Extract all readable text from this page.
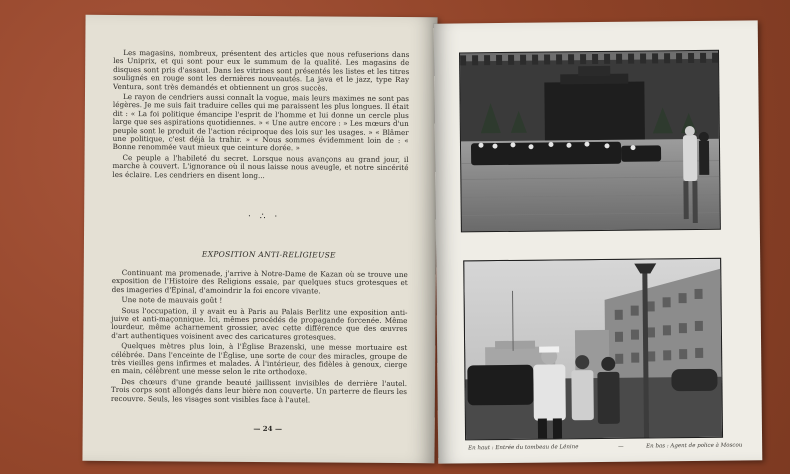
Les magasins, nombreux, présentent des articles que nous refuserions dans les Uniprix, et qui sont pour eux le summum de la qualité. Les magasins de disques sont pris d'assaut. Dans les vitrines sont présentés les listes et les titres soulignés en rouge sont les dernières nouveautés. La java et le jazz, type Ray Ventura, sont très demandés et obtiennent un gros succès.

Le rayon de cendriers aussi connaît la vogue, mais leurs maximes ne sont pas légères. Je me suis fait traduire celles qui me paraissent les plus longues. Il était dit : « La foi politique émancipe l'esprit de l'homme et lui donne un cercle plus large que ses aspirations quotidiennes. » « Une autre encore : » Les mœurs d'un peuple sont le produit de l'action réciproque des lois sur les usages. » « Blâmer une politique, c'est déjà la trahir. » « Nous sommes évidemment loin de : « Bonne renommée vaut mieux que ceinture dorée. »

Ce peuple a l'habileté du secret. Lorsque nous avançons au grand jour, il marche à couvert. L'ignorance où il nous laisse nous aveugle, et notre sincérité les éclaire. Les cendriers en disent long...

· ∴ ·
EXPOSITION ANTI-RELIGIEUSE

Continuant ma promenade, j'arrive à Notre-Dame de Kazan où se trouve une exposition de l'Histoire des Religions essaie, par quelques stucs grotesques et des imageries d'Épinal, d'amoindrir la foi encore vivante.

Une note de mauvais goût !

Sous l'occupation, il y avait eu à Paris au Palais Berlitz une exposition anti-juive et anti-maçonnique. Ici, mêmes procédés de propagande forcenée. Même lourdeur, même acharnement grossier, avec cette différence que des œuvres d'art authentiques voisinent avec des caricatures grotesques.

Quelques mètres plus loin, à l'Église Brazenski, une messe mortuaire est célébrée. Dans l'enceinte de l'Église, une sorte de cour des miracles, groupe de très vieilles gens infirmes et malades. À l'intérieur, des fidèles à genoux, cierge en main, célèbrent une messe selon le rite orthodoxe.

Des chœurs d'une grande beauté jaillissent invisibles de derrière l'autel. Trois corps sont allongés dans leur bière non couverte. Un parterre de fleurs les recouvre. Seuls, les visages sont visibles face à l'autel.

— 24 —
En haut : Entrée du tombeau de Lénine	—	En bas : Agent de police à Moscou
